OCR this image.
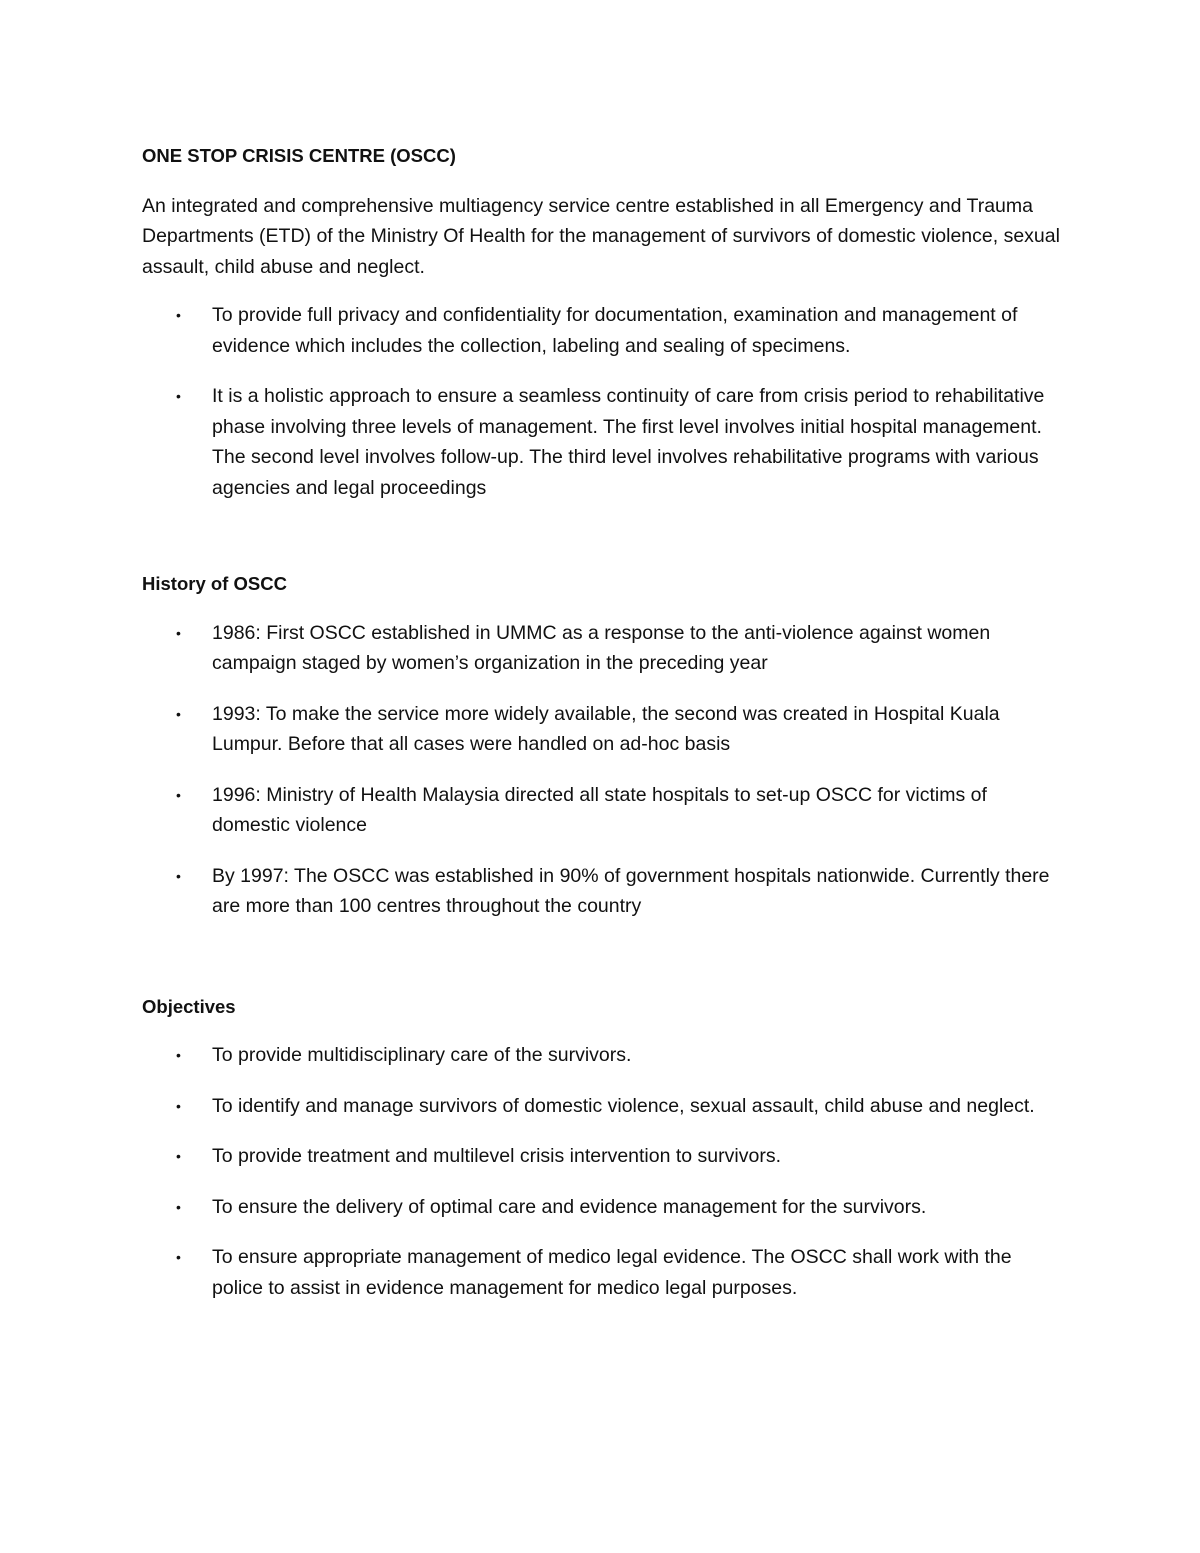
ONE STOP CRISIS CENTRE (OSCC)

An integrated and comprehensive multiagency service centre established in all Emergency and Trauma Departments (ETD) of the Ministry Of Health for the management of survivors of domestic violence, sexual assault, child abuse and neglect.

• To provide full privacy and confidentiality for documentation, examination and management of evidence which includes the collection, labeling and sealing of specimens.
• It is a holistic approach to ensure a seamless continuity of care from crisis period to rehabilitative phase involving three levels of management. The first level involves initial hospital management. The second level involves follow-up. The third level involves rehabilitative programs with various agencies and legal proceedings

History of OSCC

• 1986: First OSCC established in UMMC as a response to the anti-violence against women campaign staged by women’s organization in the preceding year
• 1993: To make the service more widely available, the second was created in Hospital Kuala Lumpur. Before that all cases were handled on ad-hoc basis
• 1996: Ministry of Health Malaysia directed all state hospitals to set-up OSCC for victims of domestic violence
• By 1997: The OSCC was established in 90% of government hospitals nationwide. Currently there are more than 100 centres throughout the country

Objectives

• To provide multidisciplinary care of the survivors.
• To identify and manage survivors of domestic violence, sexual assault, child abuse and neglect.
• To provide treatment and multilevel crisis intervention to survivors.
• To ensure the delivery of optimal care and evidence management for the survivors.
• To ensure appropriate management of medico legal evidence. The OSCC shall work with the police to assist in evidence management for medico legal purposes.
